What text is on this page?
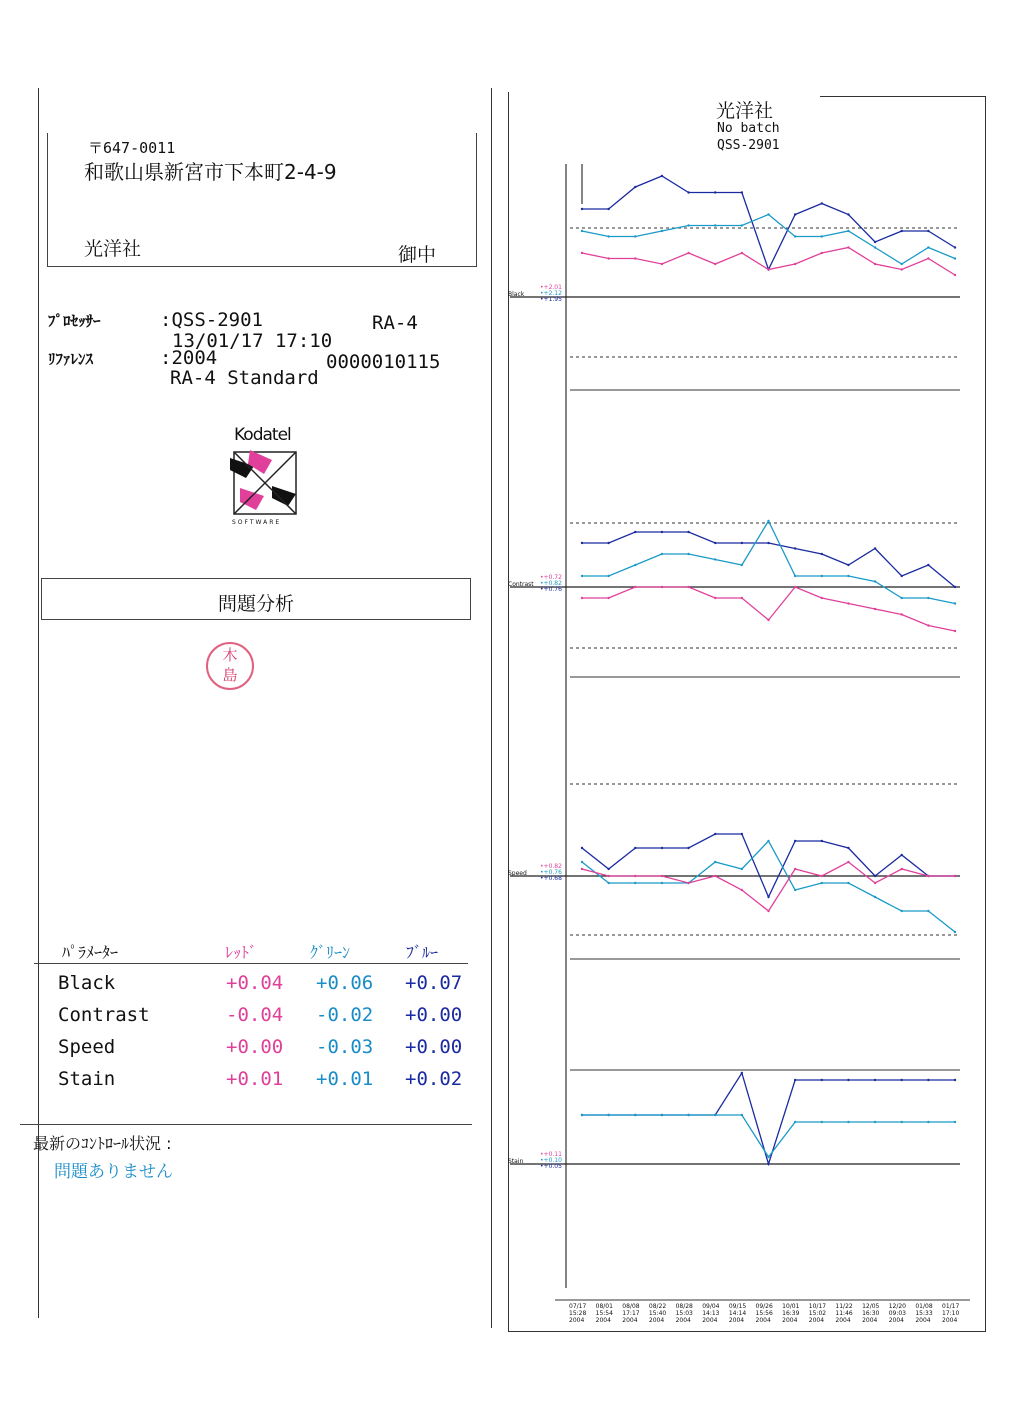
〒647-0011
和歌山県新宮市下本町2-4-9
光洋社	御中
ﾌﾟﾛｾｯｻｰ	:QSS-2901	RA-4
13/01/17 17:10
ﾘﾌｧﾚﾝｽ	:2004	0000010115
RA-4 Standard
Kodatel
SOFTWARE
問題分析
木島
ﾊﾟﾗﾒｰﾀｰ	ﾚｯﾄﾞ	ｸﾞﾘｰﾝ	ﾌﾞﾙｰ
Black	+0.04 +0.06 +0.07
Contrast	-0.04 -0.02 +0.00
Speed	+0.00 -0.03 +0.00
Stain	+0.01 +0.01 +0.02
最新のｺﾝﾄﾛｰﾙ状況 :
問題ありません
光洋社
No batch
QSS-2901
Black
•+2.01
•+2.12
•+1.95
Contrast
•+0.72
•+0.82
•+0.76
Speed
•+0.82
•+0.76
•+0.68
Stain
•+0.11
•+0.10
•+0.05
07/17
15:28
2004
08/01
15:54
2004
08/08
17:17
2004
08/22
15:40
2004
08/28
15:03
2004
09/04
14:13
2004
09/15
14:14
2004
09/26
15:56
2004
10/01
16:39
2004
10/17
15:02
2004
11/22
11:46
2004
12/05
16:30
2004
12/20
09:03
2004
01/08
15:33
2004
01/17
17:10
2004
